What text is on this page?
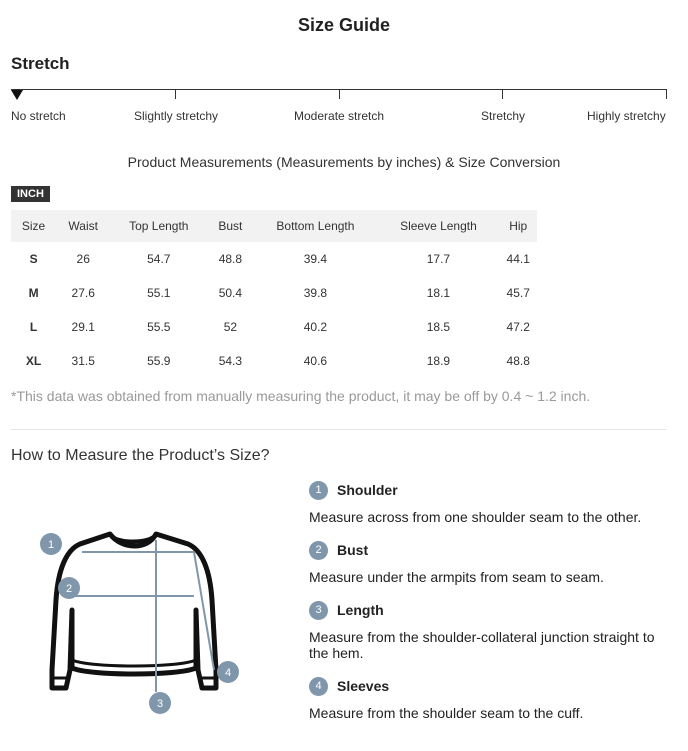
Size Guide
Stretch
No stretch	Slightly stretchy	Moderate stretch	Stretchy	Highly stretchy
Product Measurements (Measurements by inches) & Size Conversion
INCH
Size	Waist	Top Length	Bust	Bottom Length	Sleeve Length	Hip
S	26	54.7	48.8	39.4	17.7	44.1
M	27.6	55.1	50.4	39.8	18.1	45.7
L	29.1	55.5	52	40.2	18.5	47.2
XL	31.5	55.9	54.3	40.6	18.9	48.8
*This data was obtained from manually measuring the product, it may be off by 0.4 ~ 1.2 inch.
How to Measure the Product’s Size?
1
2
3
4
1	Shoulder
Measure across from one shoulder seam to the other.
2	Bust
Measure under the armpits from seam to seam.
3	Length
Measure from the shoulder-collateral junction straight to the hem.
4	Sleeves
Measure from the shoulder seam to the cuff.
